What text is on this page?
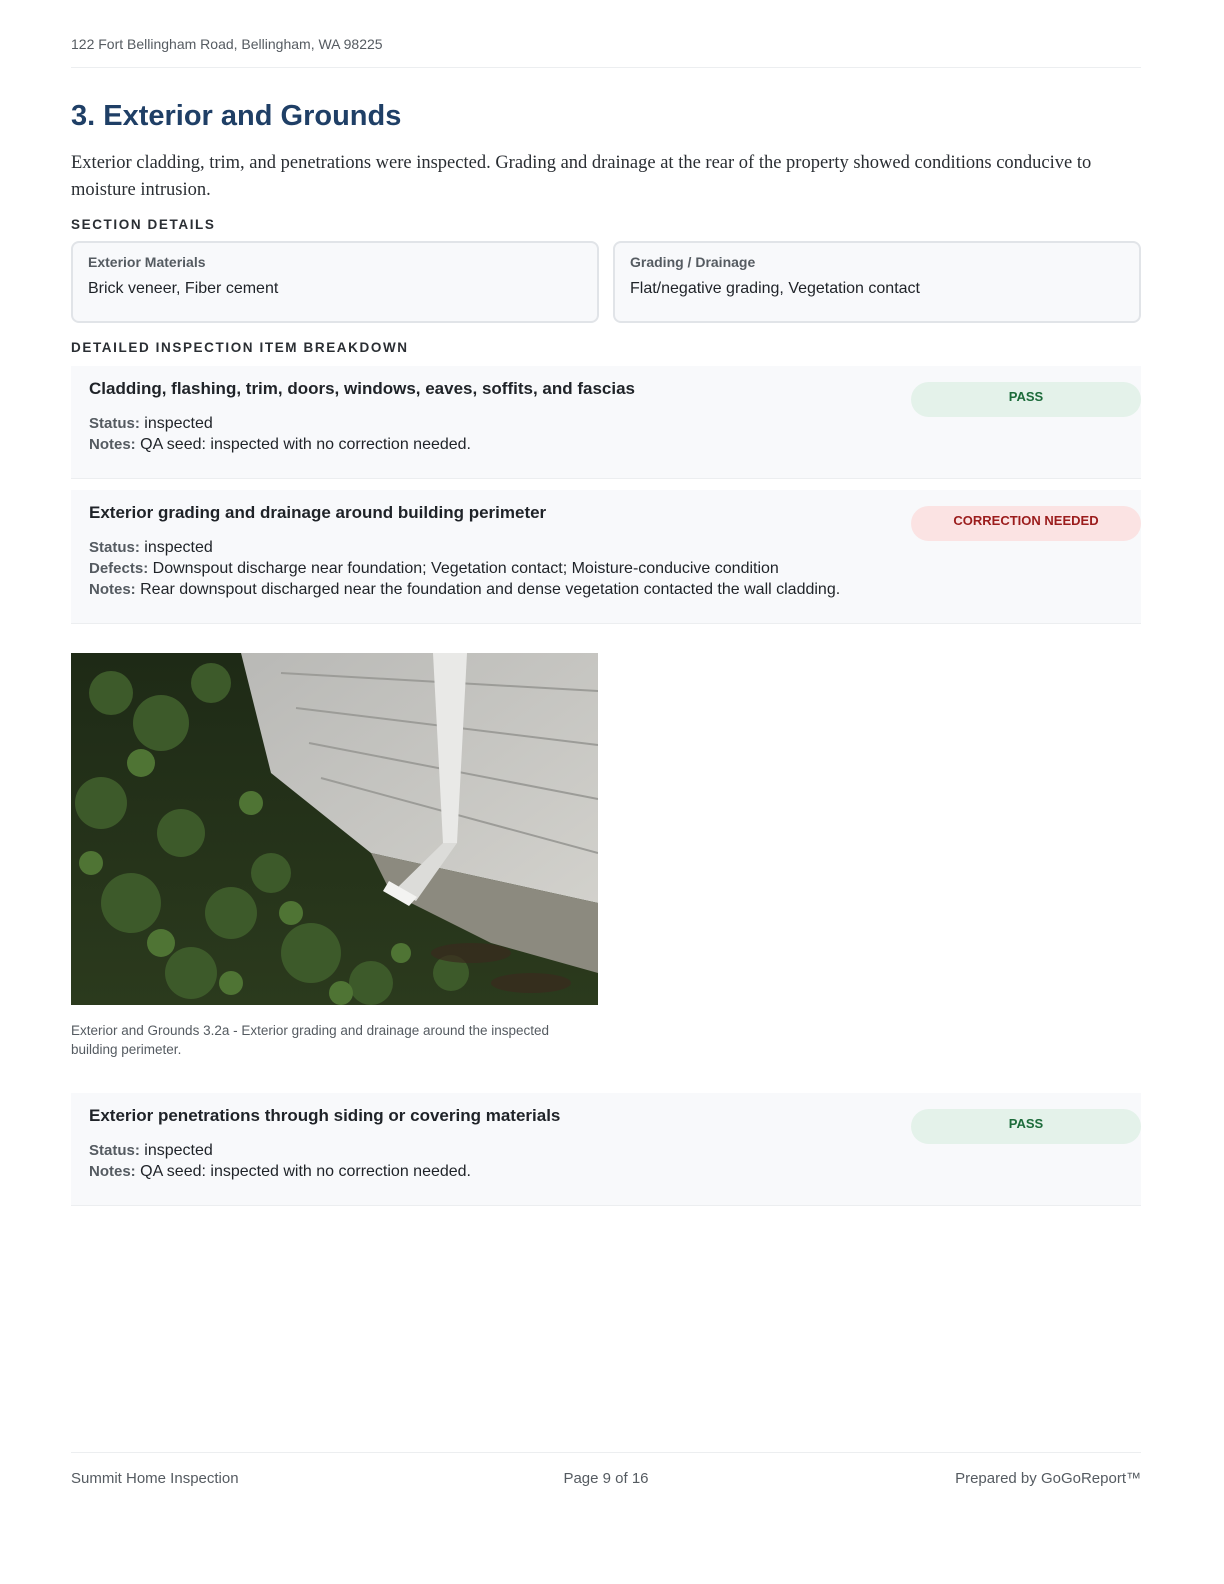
122 Fort Bellingham Road, Bellingham, WA 98225
3. Exterior and Grounds

Exterior cladding, trim, and penetrations were inspected. Grading and drainage at the rear of the property showed conditions conducive to moisture intrusion.

SECTION DETAILS
Exterior Materials
Brick veneer, Fiber cement
Grading / Drainage
Flat/negative grading, Vegetation contact
DETAILED INSPECTION ITEM BREAKDOWN
Cladding, flashing, trim, doors, windows, eaves, soffits, and fascias
Status: inspected
Notes: QA seed: inspected with no correction needed.
PASS
Exterior grading and drainage around building perimeter
Status: inspected
Defects: Downspout discharge near foundation; Vegetation contact; Moisture-conducive condition
Notes: Rear downspout discharged near the foundation and dense vegetation contacted the wall cladding.
CORRECTION NEEDED
Exterior and Grounds 3.2a - Exterior grading and drainage around the inspected building perimeter.
Exterior penetrations through siding or covering materials
Status: inspected
Notes: QA seed: inspected with no correction needed.
PASS
Page 9 of 16
Summit Home Inspection	Prepared by GoGoReport™
